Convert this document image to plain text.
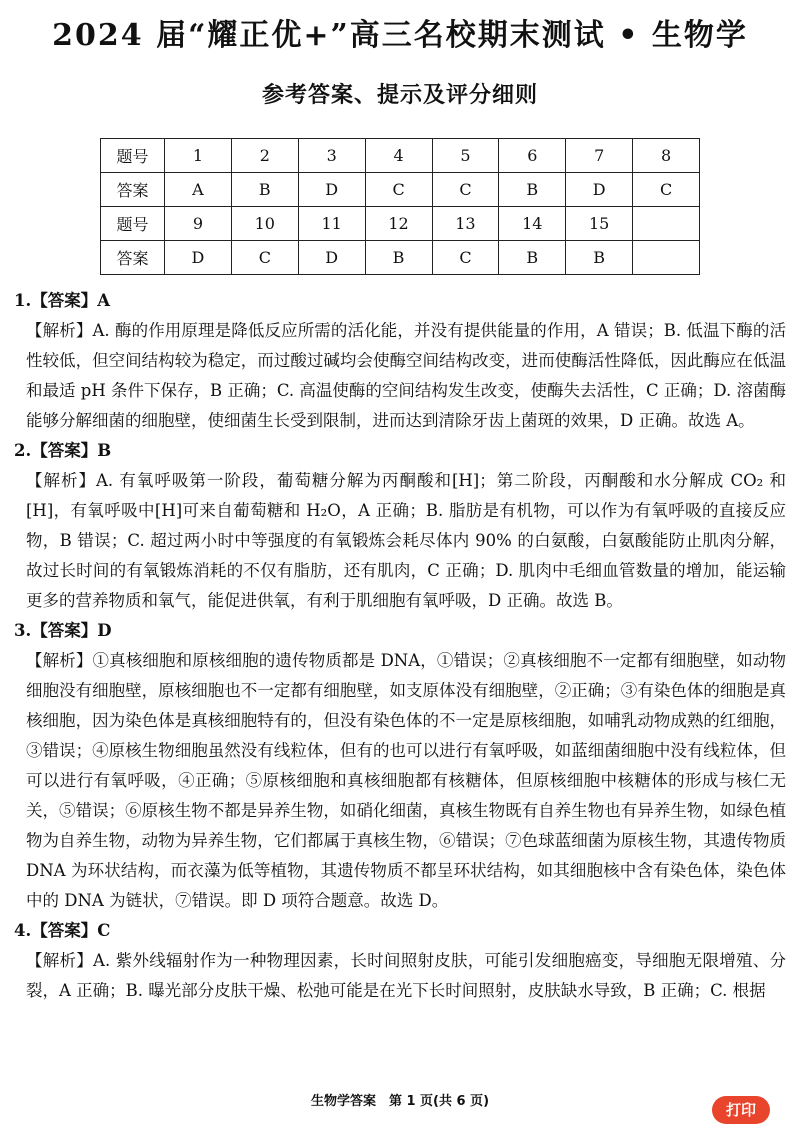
2024 届“耀正优+”高三名校期末测试 • 生物学
参考答案、提示及评分细则
题号	1	2	3	4	5	6	7	8
答案	A	B	D	C	C	B	D	C
题号	9	10	11	12	13	14	15	
答案	D	C	D	B	C	B	B	
1.【答案】A
【解析】A. 酶的作用原理是降低反应所需的活化能，并没有提供能量的作用，A 错误；B. 低温下酶的活性较低，但空间结构较为稳定，而过酸过碱均会使酶空间结构改变，进而使酶活性降低，因此酶应在低温和最适 pH 条件下保存，B 正确；C. 高温使酶的空间结构发生改变，使酶失去活性，C 正确；D. 溶菌酶能够分解细菌的细胞壁，使细菌生长受到限制，进而达到清除牙齿上菌斑的效果，D 正确。故选 A。
2.【答案】B
【解析】A. 有氧呼吸第一阶段，葡萄糖分解为丙酮酸和[H]；第二阶段，丙酮酸和水分解成 CO₂ 和[H]，有氧呼吸中[H]可来自葡萄糖和 H₂O，A 正确；B. 脂肪是有机物，可以作为有氧呼吸的直接反应物，B 错误；C. 超过两小时中等强度的有氧锻炼会耗尽体内 90% 的白氨酸，白氨酸能防止肌肉分解，故过长时间的有氧锻炼消耗的不仅有脂肪，还有肌肉，C 正确；D. 肌肉中毛细血管数量的增加，能运输更多的营养物质和氧气，能促进供氧，有利于肌细胞有氧呼吸，D 正确。故选 B。
3.【答案】D
【解析】①真核细胞和原核细胞的遗传物质都是 DNA，①错误；②真核细胞不一定都有细胞壁，如动物细胞没有细胞壁，原核细胞也不一定都有细胞壁，如支原体没有细胞壁，②正确；③有染色体的细胞是真核细胞，因为染色体是真核细胞特有的，但没有染色体的不一定是原核细胞，如哺乳动物成熟的红细胞，③错误；④原核生物细胞虽然没有线粒体，但有的也可以进行有氧呼吸，如蓝细菌细胞中没有线粒体，但可以进行有氧呼吸，④正确；⑤原核细胞和真核细胞都有核糖体，但原核细胞中核糖体的形成与核仁无关，⑤错误；⑥原核生物不都是异养生物，如硝化细菌，真核生物既有自养生物也有异养生物，如绿色植物为自养生物，动物为异养生物，它们都属于真核生物，⑥错误；⑦色球蓝细菌为原核生物，其遗传物质 DNA 为环状结构，而衣藻为低等植物，其遗传物质不都呈环状结构，如其细胞核中含有染色体，染色体中的 DNA 为链状，⑦错误。即 D 项符合题意。故选 D。
4.【答案】C
【解析】A. 紫外线辐射作为一种物理因素，长时间照射皮肤，可能引发细胞癌变，导细胞无限增殖、分裂，A 正确；B. 曝光部分皮肤干燥、松弛可能是在光下长时间照射，皮肤缺水导致，B 正确；C. 根据
生物学答案　第 1 页(共 6 页)	打印
